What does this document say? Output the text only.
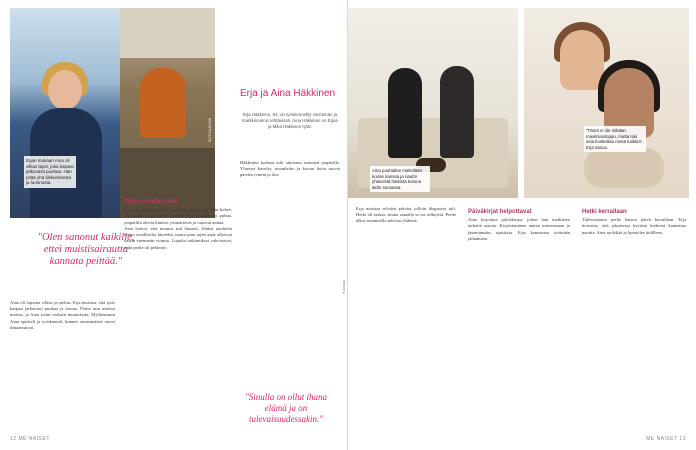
Erjan mukaan Aina oli vilkas lapsi, joka kaipasi jatkuvasti puuhaa. Hän pitää yhä liikkumisesta ja luonnosta.
KOTIALBUMI
"Olen sanonut kaikille, ettei muistisairautta kannata peittää."
Aina oli lapsena vilkas ja utelias. Erja muistaa, että tytär kaipasi jatkuvasti puuhaa ja seuraa. Perhe asui useissa maissa, ja Aina tottui varhain muutoksiin. Myöhemmin Aina opiskeli ja työskenteli, kunnes ensimmäiset oireet ilmaantuivat.
Pitää uskaltaa elää
Erja on puhunut asiasta avoimesti alusta asti. Hän kokee, että salailu vain lisäisi taakkaa. Kun asiasta voi puhua, ympärillä olevat ihmiset ymmärtävät ja osaavat auttaa.
Aina kertoo, että muutos tuli hitaasti. Aluksi unohtelu tuntui tavalliselta kiireeltä, mutta pian arjen asiat alkoivat vaatia enemmän voimia. Lopulta tutkimukset vahvistivat, mitä perhe oli pelännyt.
Erja ja Aina Häkkinen
Erja Häkkinen, 64, on työskennellyt viestinnän ja markkinoinnin tehtävissä. Aina Häkkinen on Erjan ja Mika Häkkisen tytär.
Häkkisten kodissa arki rakentuu rutiinien ympärille. Yhteiset kävelyt, ruoanlaitto ja koiran hoito tuovat päiviin rytmiä ja iloa.
"Sinulla on ollut ihana elämä ja on tulevaisuudessakin."
12 ME NAISET
Aina puuhailee mielellään koiran kanssa ja nauttii yhteisistä hetkistä kotona äidin seurassa.
"Tämä ei ole mikään maailmanloppu, mutta toki asia koskettaa meitä kaikkia", Erja sanoo.
Kuvaaja
Erja muistaa selvästi päivän, jolloin diagnoosi tuli. Hetki oli raskas, mutta samalla se toi selkeyttä. Perhe alkoi suunnitella tulevaa yhdessä.
Päiväkirjat helpottavat
Aina kirjoittaa päiväkirjaa, johon hän merkitsee tärkeitä asioita. Kirjoittaminen auttaa muistamaan ja jäsentämään ajatuksia. Erja kannustaa tytärtään jatkamaan.
Hetki kerrallaan
Tulevaisuutta perhe katsoo päivä kerrallaan. Erja korostaa, että jokaisesta hyvästä hetkestä kannattaa nauttia. Aina nyökkää ja hymyilee äidilleen.
ME NAISET 13
